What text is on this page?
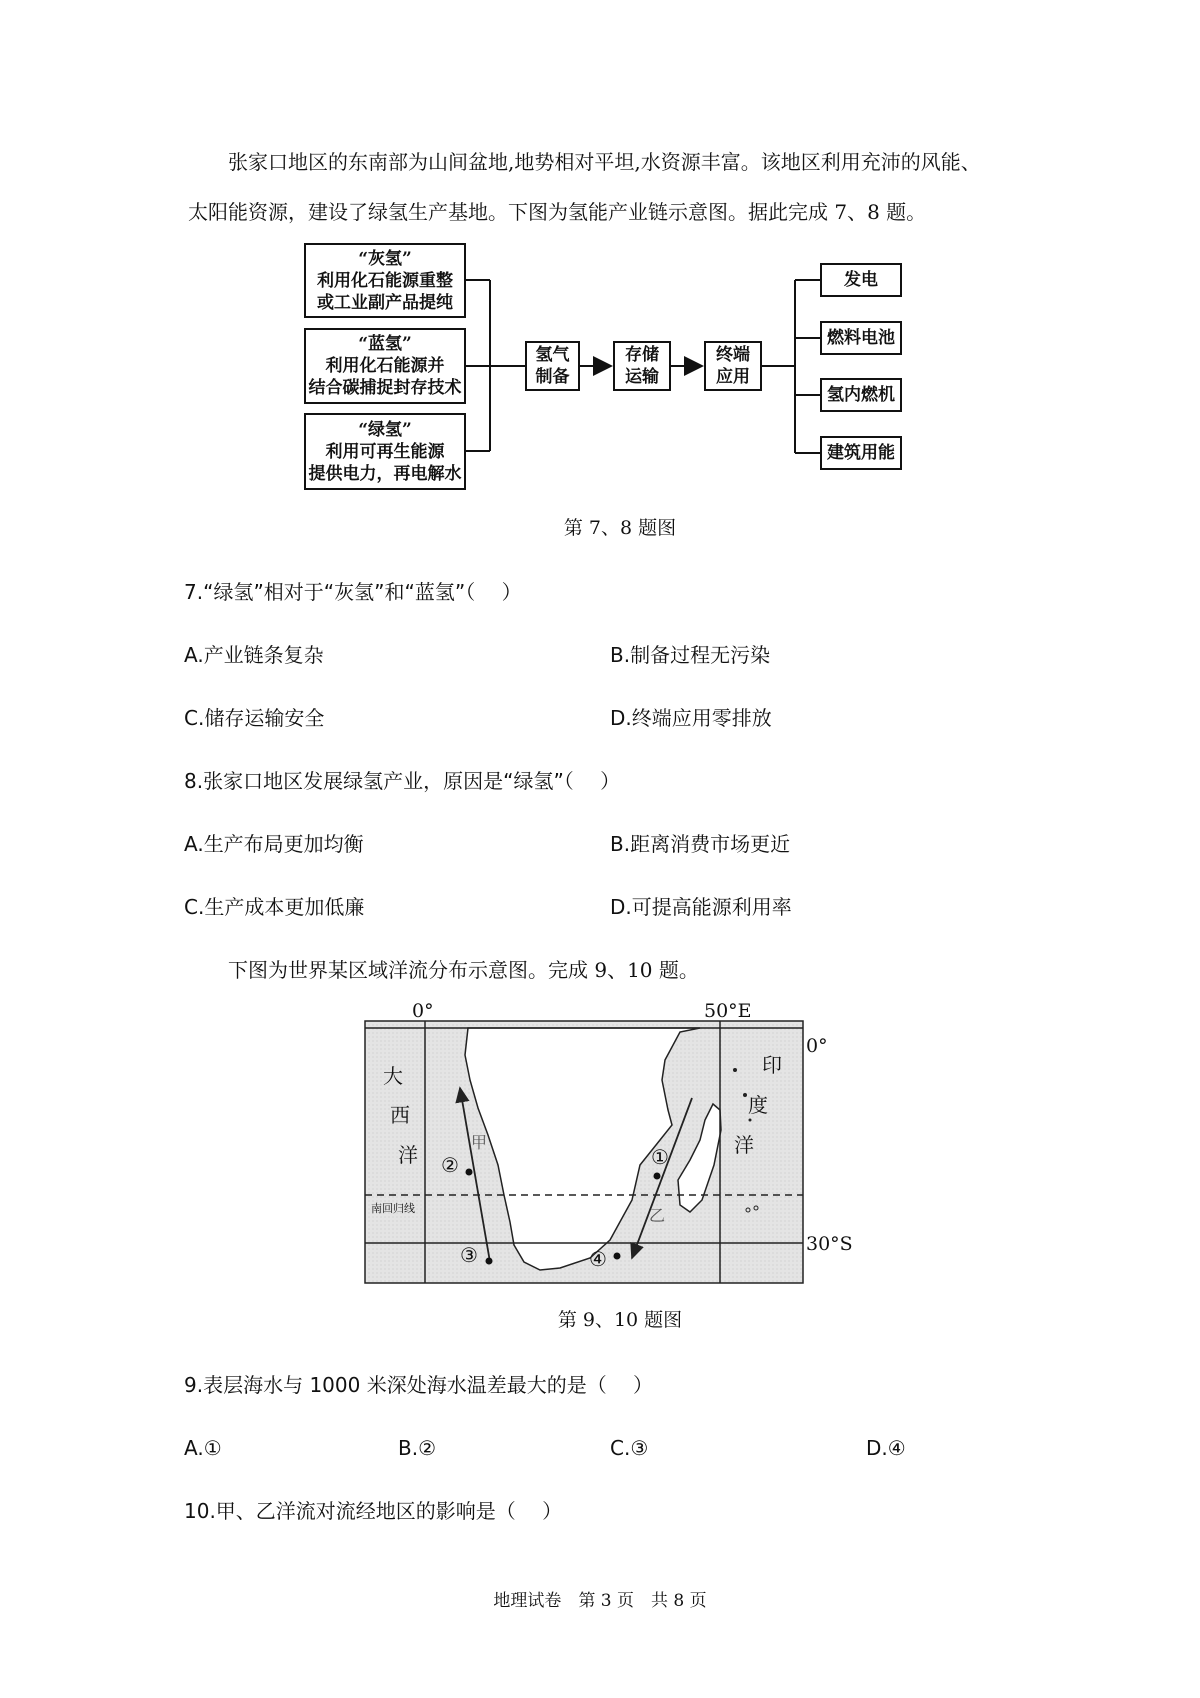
张家口地区的东南部为山间盆地,地势相对平坦,水资源丰富。该地区利用充沛的风能、
太阳能资源，建设了绿氢生产基地。下图为氢能产业链示意图。据此完成 7、8 题。
“灰氢”
利用化石能源重整
或工业副产品提纯
“蓝氢”
利用化石能源并
结合碳捕捉封存技术
“绿氢”
利用可再生能源
提供电力，再电解水
氢气
制备
存储
运输
终端
应用
发电
燃料电池
氢内燃机
建筑用能
第 7、8 题图
7.“绿氢”相对于“灰氢”和“蓝氢”（　 ）
A.产业链条复杂	B.制备过程无污染
C.储存运输安全	D.终端应用零排放
8.张家口地区发展绿氢产业，原因是“绿氢”（　 ）
A.生产布局更加均衡	B.距离消费市场更近
C.生产成本更加低廉	D.可提高能源利用率
下图为世界某区域洋流分布示意图。完成 9、10 题。
0°	50°E
0°
30°S
大
西
洋
印
度
洋
南回归线
甲
乙
①
②
③	④
第 9、10 题图
9.表层海水与 1000 米深处海水温差最大的是（　 ）
A.①	B.②	C.③	D.④
10.甲、乙洋流对流经地区的影响是（　 ）
地理试卷　第 3 页　共 8 页
